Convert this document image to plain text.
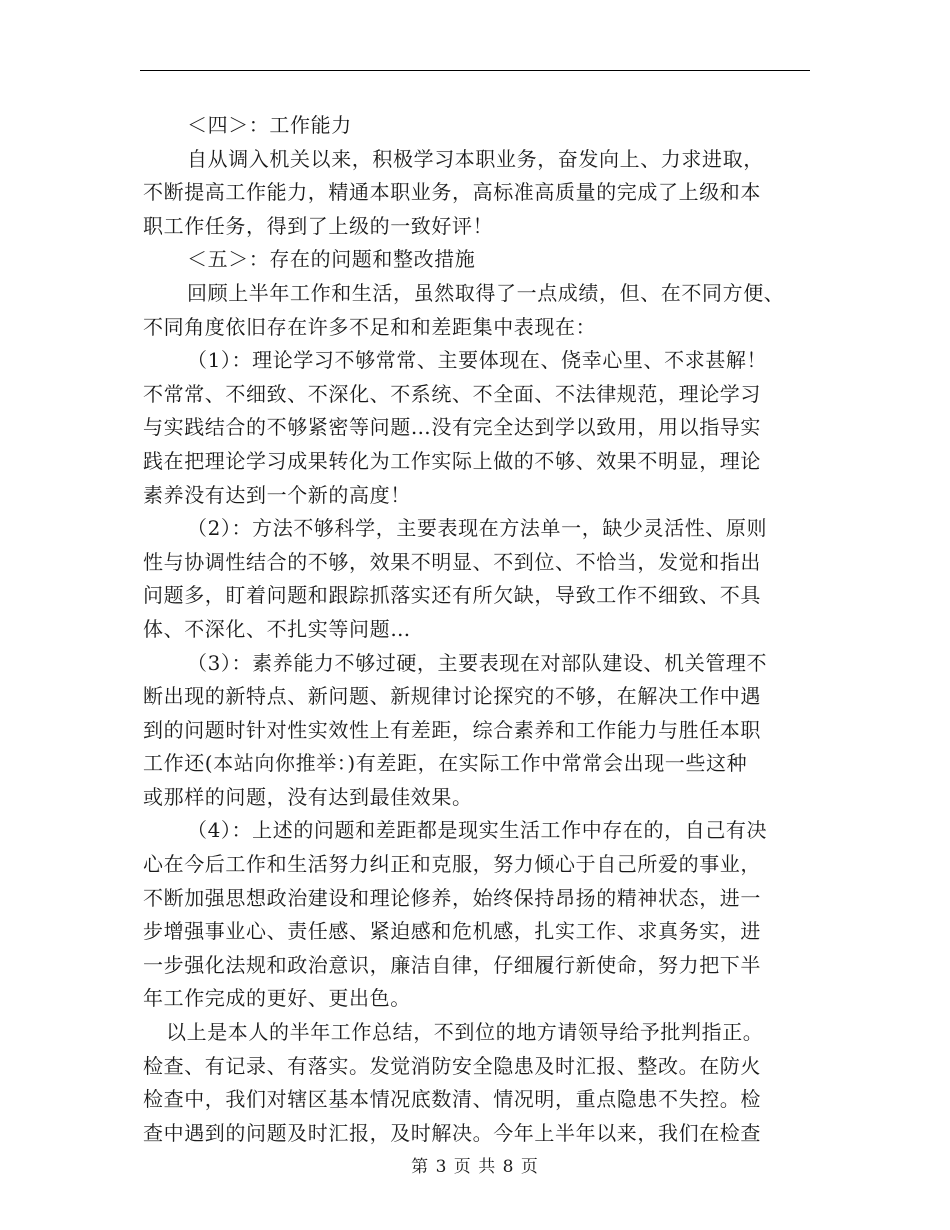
＜四＞：工作能力
自从调入机关以来，积极学习本职业务，奋发向上、力求进取，
不断提高工作能力，精通本职业务，高标准高质量的完成了上级和本
职工作任务，得到了上级的一致好评！
＜五＞：存在的问题和整改措施
回顾上半年工作和生活，虽然取得了一点成绩，但、在不同方便、
不同角度依旧存在许多不足和和差距集中表现在：
（1）：理论学习不够常常、主要体现在、侥幸心里、不求甚解！
不常常、不细致、不深化、不系统、不全面、不法律规范，理论学习
与实践结合的不够紧密等问题…没有完全达到学以致用，用以指导实
践在把理论学习成果转化为工作实际上做的不够、效果不明显，理论
素养没有达到一个新的高度！
（2）：方法不够科学，主要表现在方法单一，缺少灵活性、原则
性与协调性结合的不够，效果不明显、不到位、不恰当，发觉和指出
问题多，盯着问题和跟踪抓落实还有所欠缺，导致工作不细致、不具
体、不深化、不扎实等问题…
（3）：素养能力不够过硬，主要表现在对部队建设、机关管理不
断出现的新特点、新问题、新规律讨论探究的不够，在解决工作中遇
到的问题时针对性实效性上有差距，综合素养和工作能力与胜任本职
工作还(本站向你推举：)有差距，在实际工作中常常会出现一些这种
或那样的问题，没有达到最佳效果。
（4）：上述的问题和差距都是现实生活工作中存在的，自己有决
心在今后工作和生活努力纠正和克服，努力倾心于自己所爱的事业，
不断加强思想政治建设和理论修养，始终保持昂扬的精神状态，进一
步增强事业心、责任感、紧迫感和危机感，扎实工作、求真务实，进
一步强化法规和政治意识，廉洁自律，仔细履行新使命，努力把下半
年工作完成的更好、更出色。
以上是本人的半年工作总结，不到位的地方请领导给予批判指正。
检查、有记录、有落实。发觉消防安全隐患及时汇报、整改。在防火
检查中，我们对辖区基本情况底数清、情况明，重点隐患不失控。检
查中遇到的问题及时汇报，及时解决。今年上半年以来，我们在检查
第 3 页 共 8 页
